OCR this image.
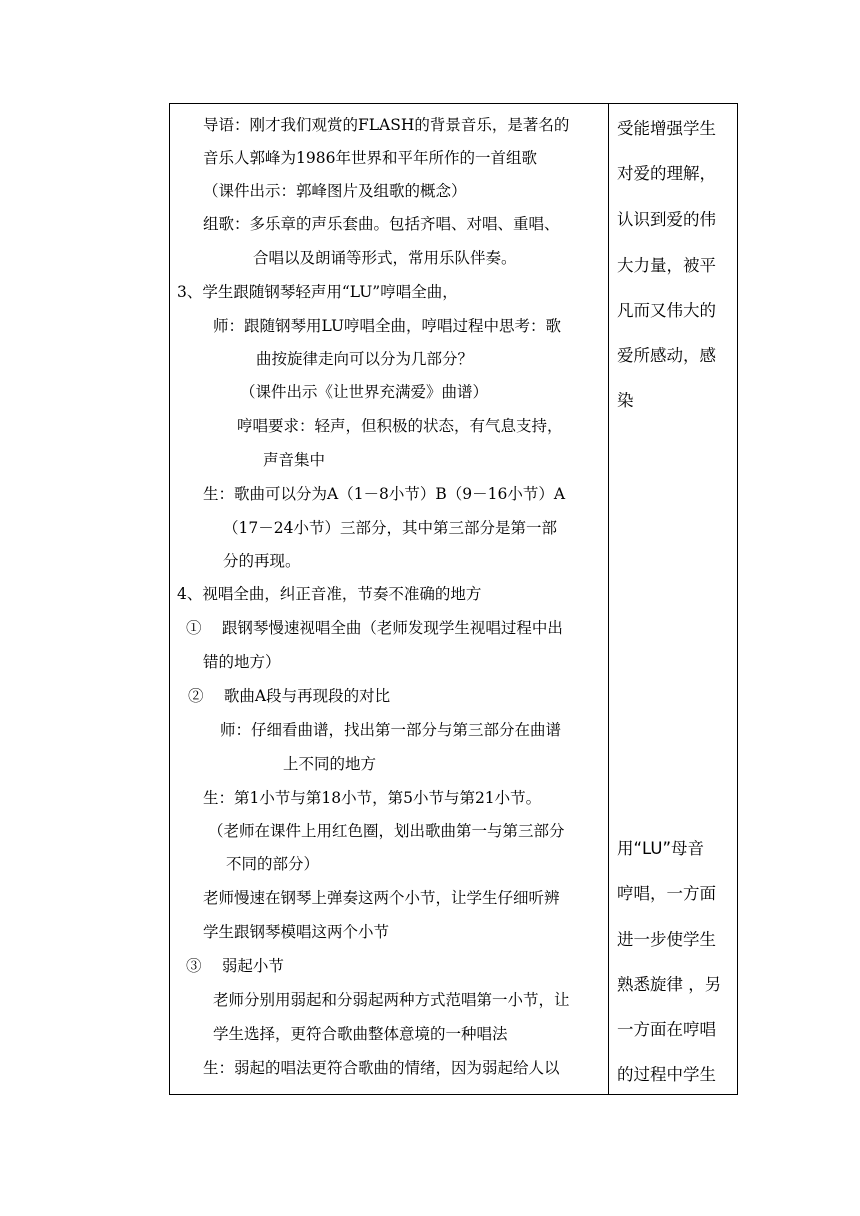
导语：刚才我们观赏的FLASH的背景音乐，是著名的
音乐人郭峰为1986年世界和平年所作的一首组歌
（课件出示：郭峰图片及组歌的概念）
组歌：多乐章的声乐套曲。包括齐唱、对唱、重唱、
合唱以及朗诵等形式，常用乐队伴奏。
3、学生跟随钢琴轻声用“LU”哼唱全曲，
师：跟随钢琴用LU哼唱全曲，哼唱过程中思考：歌
曲按旋律走向可以分为几部分？
（课件出示《让世界充满爱》曲谱）
哼唱要求：轻声，但积极的状态，有气息支持，
声音集中
生：歌曲可以分为A（1－8小节）B（9－16小节）A
（17－24小节）三部分，其中第三部分是第一部
分的再现。
4、视唱全曲，纠正音准，节奏不准确的地方
①　 跟钢琴慢速视唱全曲（老师发现学生视唱过程中出
错的地方）
②　 歌曲A段与再现段的对比
师：仔细看曲谱，找出第一部分与第三部分在曲谱
上不同的地方
生：第1小节与第18小节，第5小节与第21小节。
（老师在课件上用红色圈，划出歌曲第一与第三部分
不同的部分）
老师慢速在钢琴上弹奏这两个小节，让学生仔细听辨
学生跟钢琴模唱这两个小节
③　 弱起小节
老师分别用弱起和分弱起两种方式范唱第一小节，让
学生选择，更符合歌曲整体意境的一种唱法
生：弱起的唱法更符合歌曲的情绪，因为弱起给人以
受能增强学生
对爱的理解，
认识到爱的伟
大力量，被平
凡而又伟大的
爱所感动，感
染
用“LU”母音
哼唱，一方面
进一步使学生
熟悉旋律 ，另
一方面在哼唱
的过程中学生
